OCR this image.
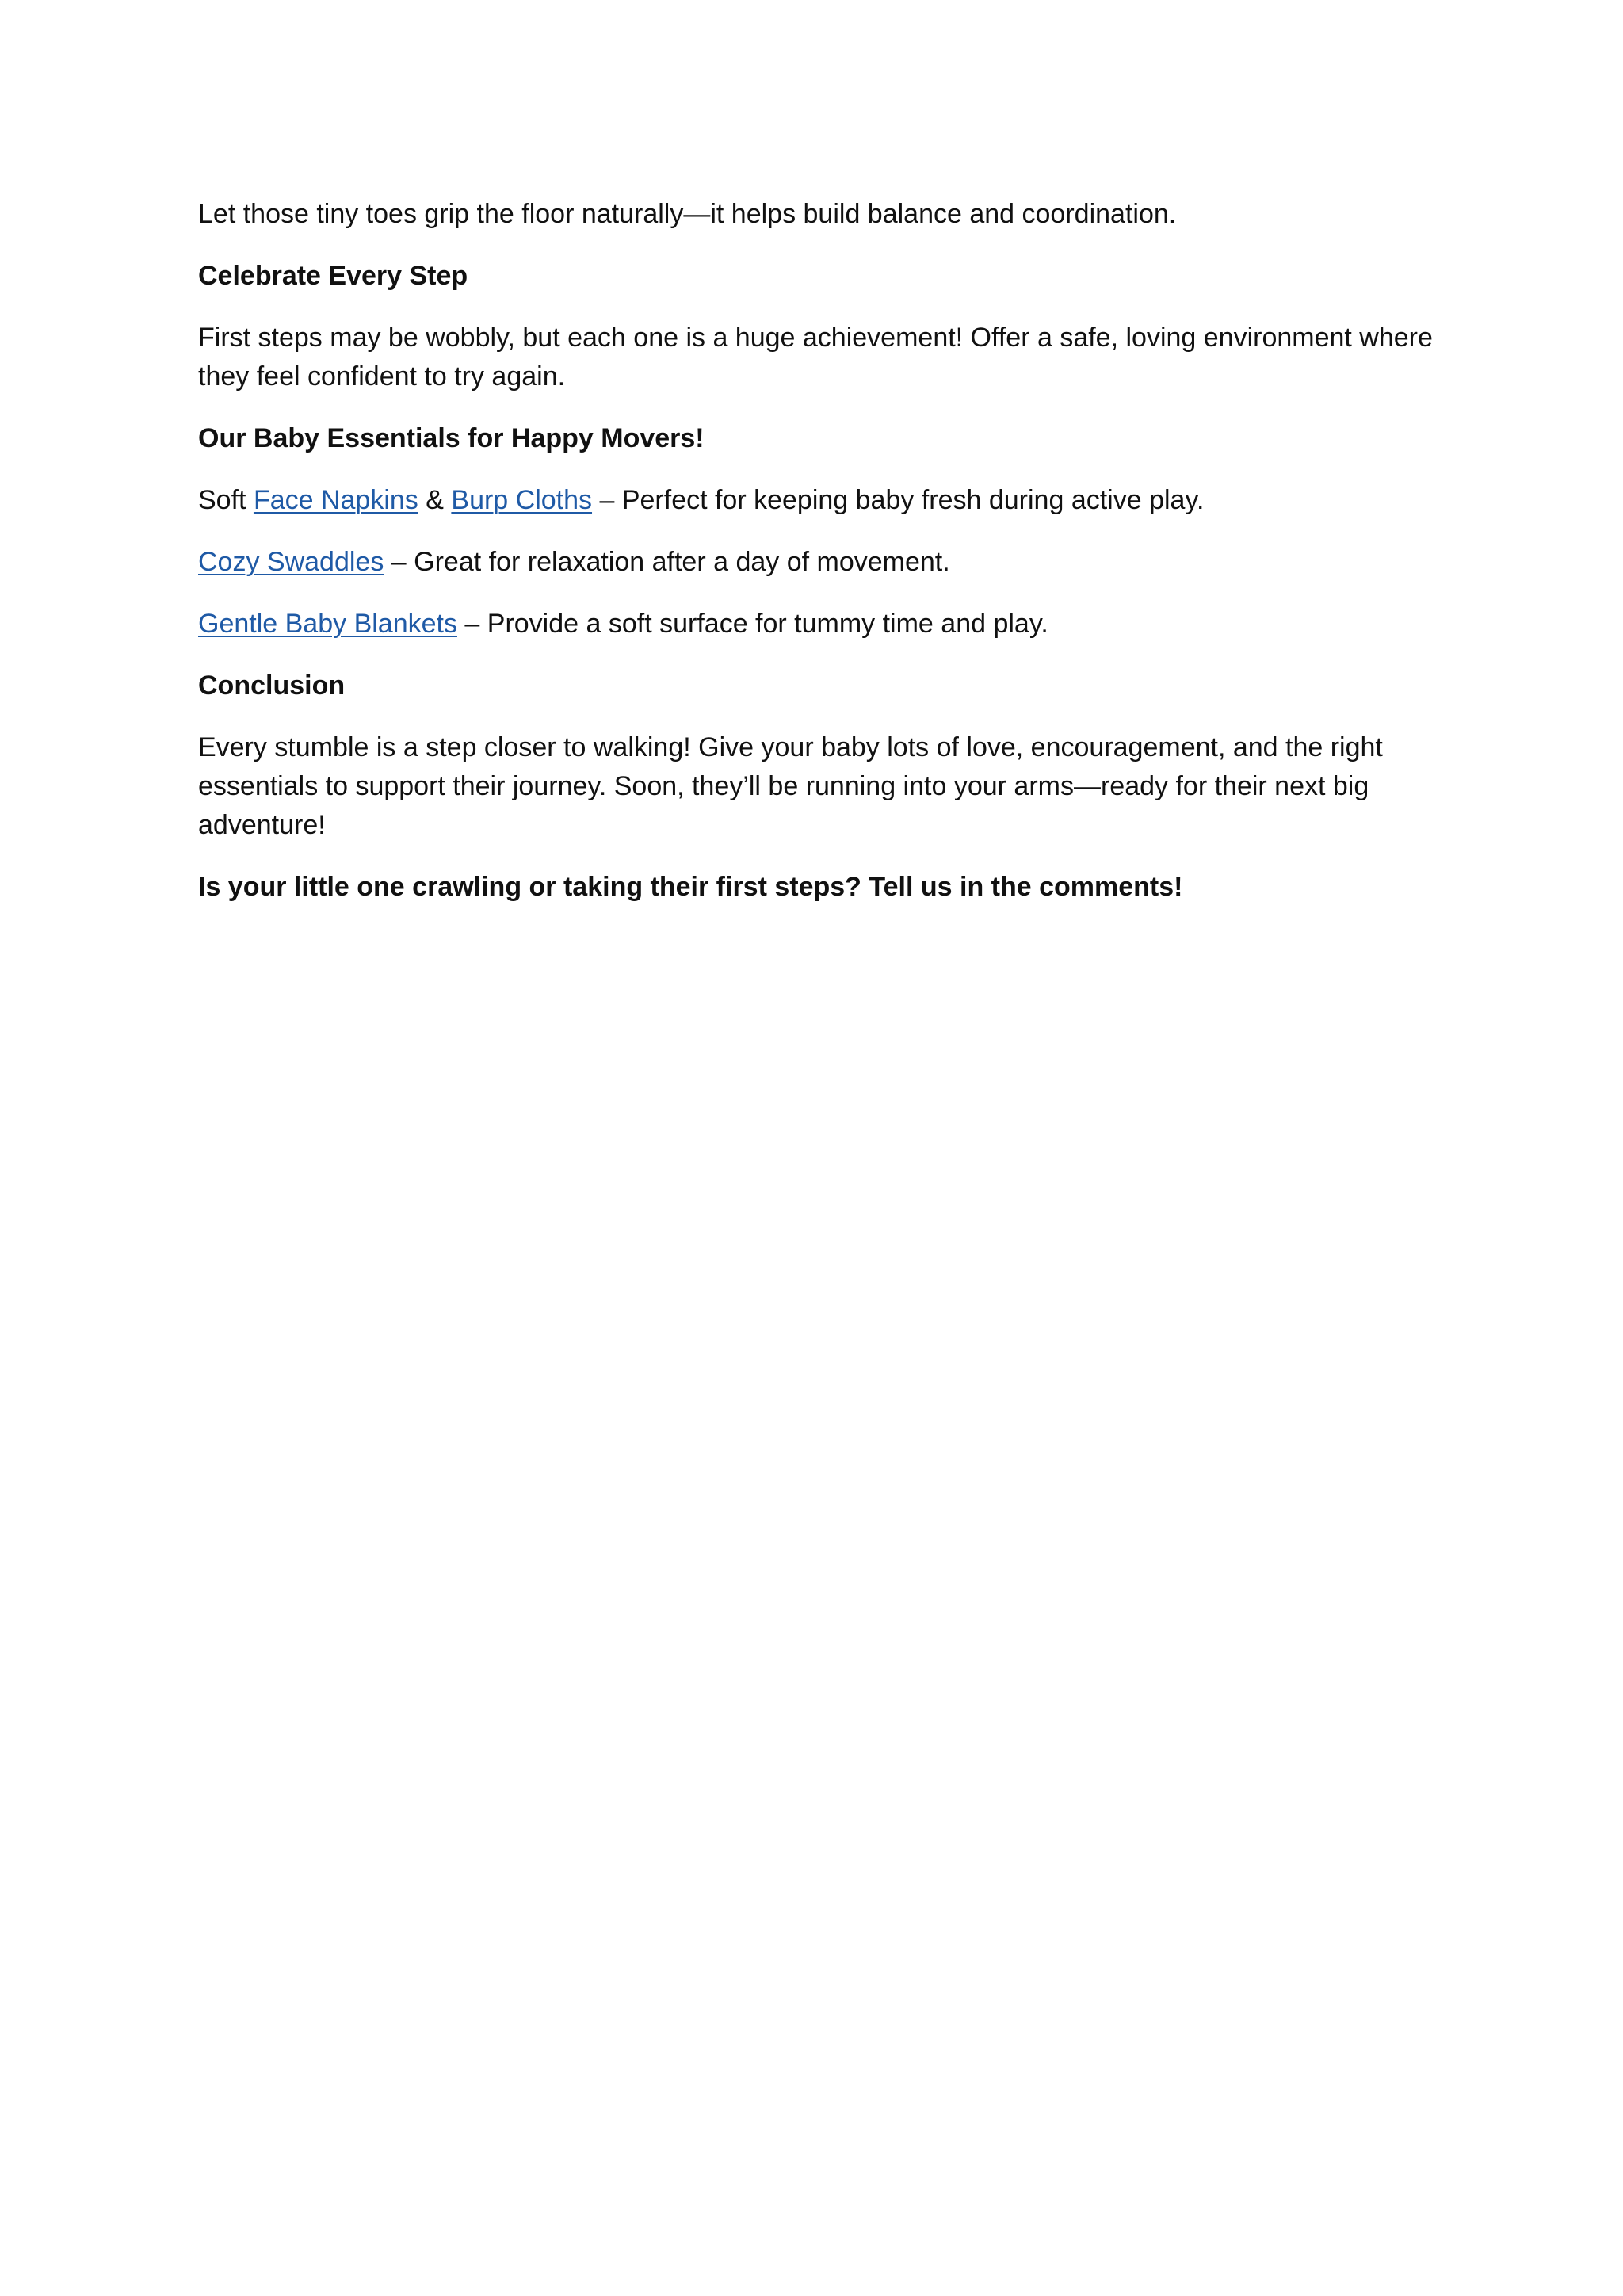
Let those tiny toes grip the floor naturally—it helps build balance and coordination.

Celebrate Every Step

First steps may be wobbly, but each one is a huge achievement! Offer a safe, loving environment where they feel confident to try again.

Our Baby Essentials for Happy Movers!

Soft Face Napkins & Burp Cloths – Perfect for keeping baby fresh during active play.

Cozy Swaddles – Great for relaxation after a day of movement.

Gentle Baby Blankets – Provide a soft surface for tummy time and play.

Conclusion

Every stumble is a step closer to walking! Give your baby lots of love, encouragement, and the right essentials to support their journey. Soon, they’ll be running into your arms—ready for their next big adventure!

Is your little one crawling or taking their first steps? Tell us in the comments!
